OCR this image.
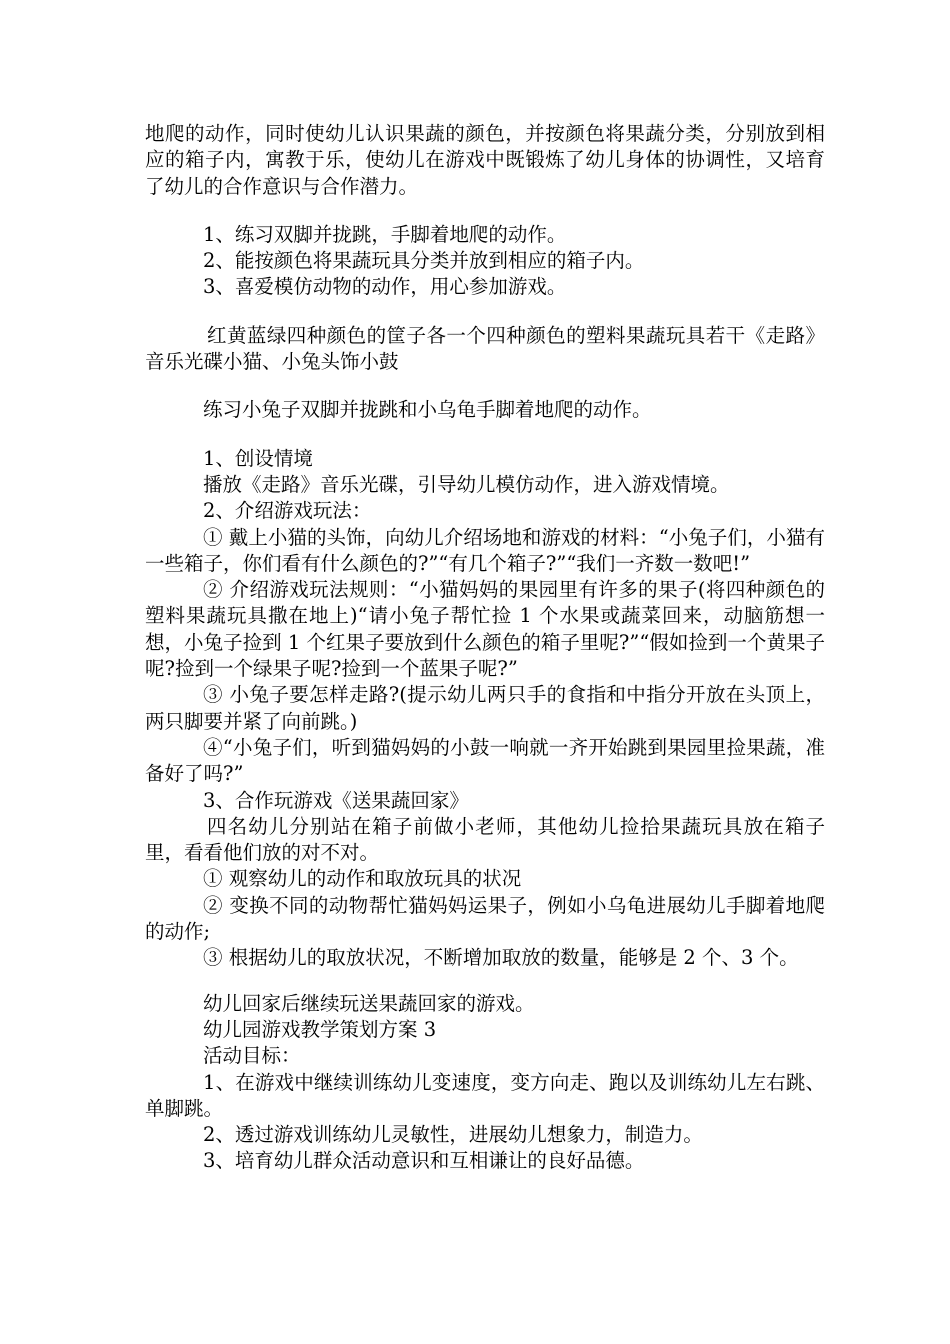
地爬的动作，同时使幼儿认识果蔬的颜色，并按颜色将果蔬分类，分别放到相应的箱子内，寓教于乐，使幼儿在游戏中既锻炼了幼儿身体的协调性，又培育了幼儿的合作意识与合作潜力。

1、练习双脚并拢跳，手脚着地爬的动作。

2、能按颜色将果蔬玩具分类并放到相应的箱子内。

3、喜爱模仿动物的动作，用心参加游戏。

红黄蓝绿四种颜色的筐子各一个四种颜色的塑料果蔬玩具若干《走路》音乐光碟小猫、小兔头饰小鼓

练习小兔子双脚并拢跳和小乌龟手脚着地爬的动作。

1、创设情境

播放《走路》音乐光碟，引导幼儿模仿动作，进入游戏情境。

2、介绍游戏玩法：

① 戴上小猫的头饰，向幼儿介绍场地和游戏的材料：“小兔子们，小猫有一些箱子，你们看有什么颜色的?”“有几个箱子?”“我们一齐数一数吧!”

② 介绍游戏玩法规则：“小猫妈妈的果园里有许多的果子(将四种颜色的塑料果蔬玩具撒在地上)“请小兔子帮忙捡 1 个水果或蔬菜回来，动脑筋想一想，小兔子捡到 1 个红果子要放到什么颜色的箱子里呢?”“假如捡到一个黄果子呢?捡到一个绿果子呢?捡到一个蓝果子呢?”

③ 小兔子要怎样走路?(提示幼儿两只手的食指和中指分开放在头顶上，两只脚要并紧了向前跳。)

④“小兔子们，听到猫妈妈的小鼓一响就一齐开始跳到果园里捡果蔬，准备好了吗?”

3、合作玩游戏《送果蔬回家》

四名幼儿分别站在箱子前做小老师，其他幼儿捡拾果蔬玩具放在箱子里，看看他们放的对不对。

① 观察幼儿的动作和取放玩具的状况

② 变换不同的动物帮忙猫妈妈运果子，例如小乌龟进展幼儿手脚着地爬的动作;

③ 根据幼儿的取放状况，不断增加取放的数量，能够是 2 个、3 个。

幼儿回家后继续玩送果蔬回家的游戏。

幼儿园游戏教学策划方案 3

活动目标：

1、在游戏中继续训练幼儿变速度，变方向走、跑以及训练幼儿左右跳、单脚跳。

2、透过游戏训练幼儿灵敏性，进展幼儿想象力，制造力。

3、培育幼儿群众活动意识和互相谦让的良好品德。
